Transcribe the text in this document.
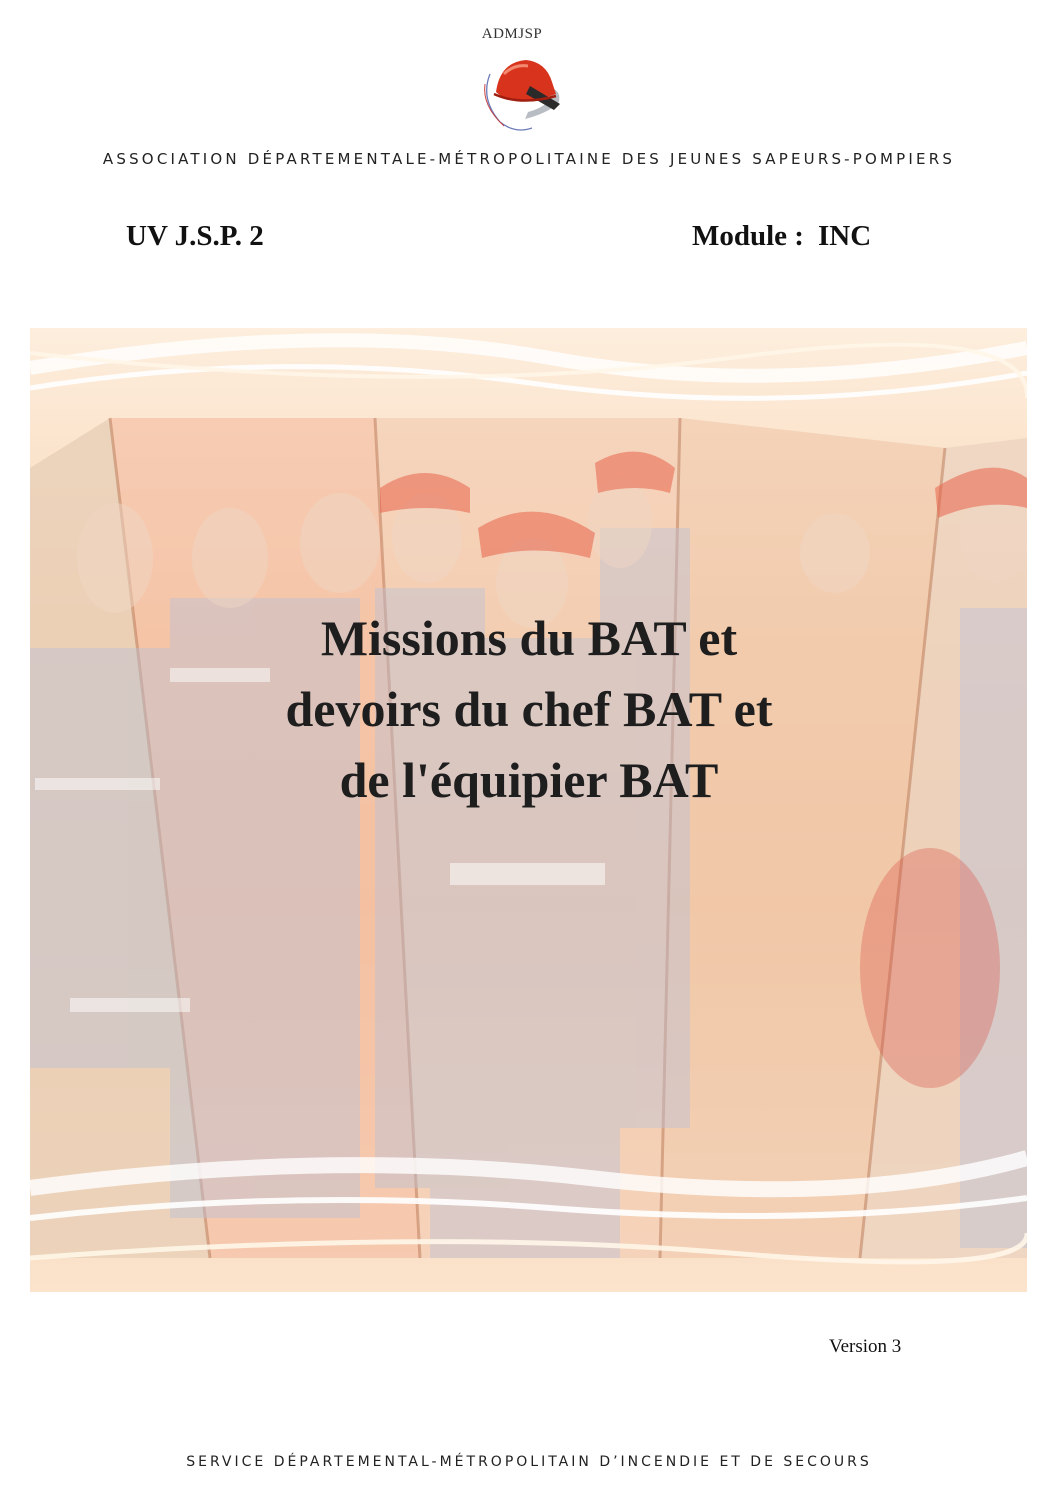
ADMJSP
ASSOCIATION DÉPARTEMENTALE-MÉTROPOLITAINE DES JEUNES SAPEURS-POMPIERS
UV J.S.P. 2	Module : INC
Missions du BAT et
devoirs du chef BAT et
de l'équipier BAT
Version 3
SERVICE DÉPARTEMENTAL-MÉTROPOLITAIN D’INCENDIE ET DE SECOURS
